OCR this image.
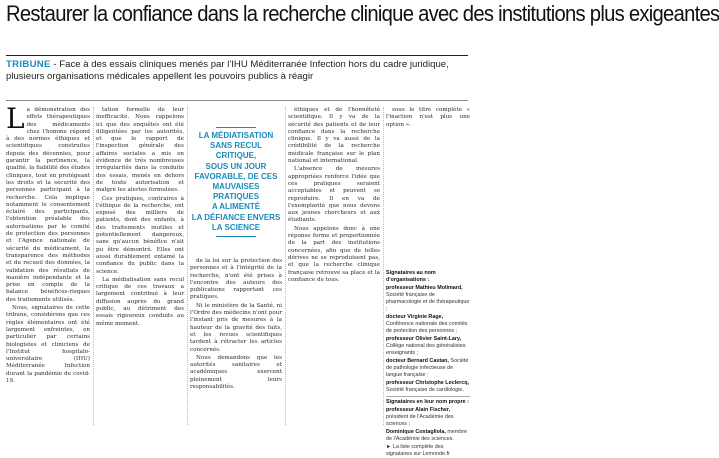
Restaurer la confiance dans la recherche clinique avec des institutions plus exigeantes
TRIBUNE - Face à des essais cliniques menés par l'IHU Méditerranée Infection hors du cadre juridique, plusieurs organisations médicales appellent les pouvoirs publics à réagir

La démonstration des effets thérapeutiques des médicaments chez l'homme répond à des normes éthiques et scientifiques construites depuis des décennies, pour garantir la pertinence, la qualité, la fiabilité des études cliniques, tout en protégeant les droits et la sécurité des personnes participant à la recherche. Cela implique notamment le consentement éclairé des participants, l'obtention préalable des autorisations par le comité de protection des personnes et l'Agence nationale de sécurité du médicament, la transparence des méthodes et du recueil des données, la validation des résultats de manière indépendante et la prise en compte de la balance bénéfices-risques des traitements utilisés.

Nous, signataires de cette tribune, considérons que ces règles élémentaires ont été largement enfreintes, en particulier par certains biologistes et cliniciens de l'Institut hospitalo-universitaire (IHU) Méditerranée Infection durant la pandémie de covid-19.

tation formelle de leur inefficacité. Nous rappelons ici que des enquêtes ont été diligentées par les autorités, et que le rapport de l'inspection générale des affaires sociales a mis en évidence de très nombreuses irrégularités dans la conduite des essais, menés en dehors de toute autorisation et malgré les alertes formulées.

Ces pratiques, contraires à l'éthique de la recherche, ont exposé des milliers de patients, dont des enfants, à des traitements inutiles et potentiellement dangereux, sans qu'aucun bénéfice n'ait pu être démontré. Elles ont aussi durablement entamé la confiance du public dans la science.

La médiatisation sans recul critique de ces travaux a largement contribué à leur diffusion auprès du grand public, au détriment des essais rigoureux conduits au même moment.

LA MÉDIATISATION
SANS RECUL CRITIQUE,
SOUS UN JOUR
FAVORABLE, DE CES
MAUVAISES PRATIQUES
A ALIMENTÉ
LA DÉFIANCE ENVERS
LA SCIENCE

de la loi sur la protection des personnes et à l'intégrité de la recherche, n'ont été prises à l'encontre des auteurs des publications rapportant ces pratiques.

Ni le ministère de la Santé, ni l'Ordre des médecins n'ont pour l'instant pris de mesures à la hauteur de la gravité des faits, et les revues scientifiques tardent à rétracter les articles concernés.

Nous demandons que les autorités sanitaires et académiques exercent pleinement leurs responsabilités.

éthiques et de l'honnêteté scientifique. Il y va de la sécurité des patients et de leur confiance dans la recherche clinique. Il y va aussi de la crédibilité de la recherche médicale française sur le plan national et international.

L'absence de mesures appropriées renforce l'idée que ces pratiques seraient acceptables et peuvent se reproduire. Il en va de l'exemplarité que nous devons aux jeunes chercheurs et aux étudiants.

Nous appelons donc à une réponse ferme et proportionnée de la part des institutions concernées, afin que de telles dérives ne se reproduisent pas, et que la recherche clinique française retrouve sa place et la confiance de tous.

sous le titre complète « l'inaction n'est plus une option ».

Signataires au nom d'organisations :
professeur Mathieu Molimard, Société française de pharmacologie et de thérapeutique ;
docteur Virginie Rage, Conférence nationale des comités de protection des personnes ;
professeur Olivier Saint-Lary, Collège national des généralistes enseignants ;
docteur Bernard Castan, Société de pathologie infectieuse de langue française ;
professeur Christophe Leclercq, Société française de cardiologie.
Signataires en leur nom propre :
professeur Alain Fischer, président de l'Académie des sciences ;
Dominique Costagliola, membre de l'Académie des sciences.
► La liste complète des signataires sur Lemonde.fr
